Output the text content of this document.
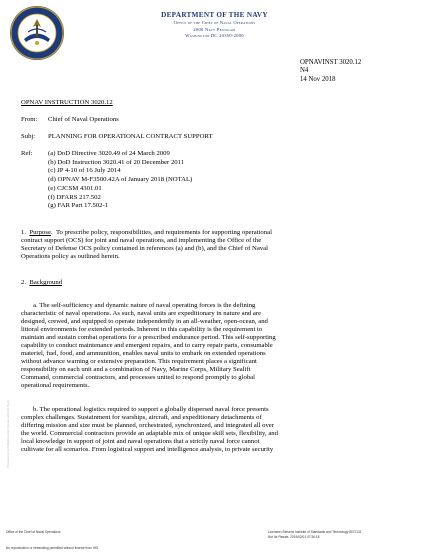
DEPARTMENT OF THE NAVY
Office of the Chief of Naval Operations
2000 Navy Pentagon
Washington DC 20350-2000
OPNAVINST 3020.12
N4
14 Nov 2018
OPNAV INSTRUCTION 3020.12
From: Chief of Naval Operations
Subj: PLANNING FOR OPERATIONAL CONTRACT SUPPORT
Ref: (a) DoD Directive 3020.49 of 24 March 2009
(b) DoD Instruction 3020.41 of 20 December 2011
(c) JP 4-10 of 16 July 2014
(d) OPNAV M-F3500.42A of January 2018 (NOTAL)
(e) CJCSM 4301.01
(f) DFARS 217.502
(g) FAR Part 17.502-1
1. Purpose.  To prescribe policy, responsibilities, and requirements for supporting operational
contract support (OCS) for joint and naval operations, and implementing the Office of the
Secretary of Defense OCS policy contained in references (a) and (b), and the Chief of Naval
Operations policy as outlined herein.
2. Background
a. The self-sufficiency and dynamic nature of naval operating forces is the defining
characteristic of naval operations. As such, naval units are expeditionary in nature and are
designed, crewed, and equipped to operate independently in an all-weather, open-ocean, and
littoral environments for extended periods. Inherent in this capability is the requirement to
maintain and sustain combat operations for a prescribed endurance period. This self-supporting
capability to conduct maintenance and emergent repairs, and to carry repair parts, consumable
materiel, fuel, food, and ammunition, enables naval units to embark on extended operations
without advance warning or extensive preparation. This requirement places a significant
responsibility on each unit and a combination of Navy, Marine Corps, Military Sealift
Command, commercial contractors, and processes united to respond promptly to global
operational requirements.
b. The operational logistics required to support a globally dispersed naval force presents
complex challenges. Sustainment for warships, aircraft, and expeditionary detachments of
differing mission and size must be planned, orchestrated, synchronized, and integrated all over
the world. Commercial contractors provide an adaptable mix of unique skill sets, flexibility, and
local knowledge in support of joint and naval operations that a strictly naval force cannot
cultivate for all scenarios. From logistical support and intelligence analysis, to private security
Provided by IHS Markit under license with US Navy
Office of the Chief of Naval Operations
No reproduction or networking permitted without license from IHS
Licensee=Stevens Institute of Standards and Technology 8072131
Not for Resale, 2019/02/01 07:36:18
